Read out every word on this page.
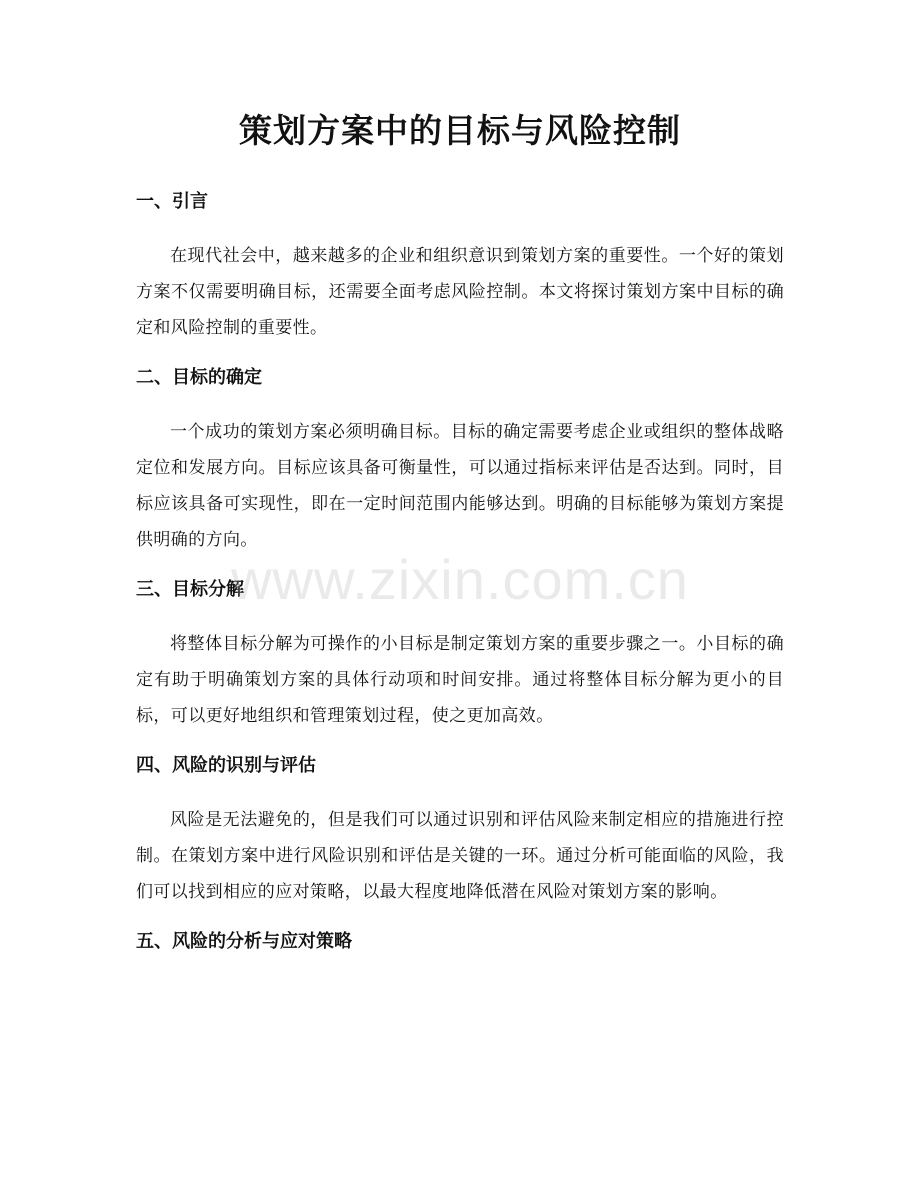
策划方案中的目标与风险控制
一、引言

在现代社会中，越来越多的企业和组织意识到策划方案的重要性。一个好的策划方案不仅需要明确目标，还需要全面考虑风险控制。本文将探讨策划方案中目标的确定和风险控制的重要性。

二、目标的确定

一个成功的策划方案必须明确目标。目标的确定需要考虑企业或组织的整体战略定位和发展方向。目标应该具备可衡量性，可以通过指标来评估是否达到。同时，目标应该具备可实现性，即在一定时间范围内能够达到。明确的目标能够为策划方案提供明确的方向。

三、目标分解

将整体目标分解为可操作的小目标是制定策划方案的重要步骤之一。小目标的确定有助于明确策划方案的具体行动项和时间安排。通过将整体目标分解为更小的目标，可以更好地组织和管理策划过程，使之更加高效。

四、风险的识别与评估

风险是无法避免的，但是我们可以通过识别和评估风险来制定相应的措施进行控制。在策划方案中进行风险识别和评估是关键的一环。通过分析可能面临的风险，我们可以找到相应的应对策略，以最大程度地降低潜在风险对策划方案的影响。

五、风险的分析与应对策略
www.zixin.com.cn
